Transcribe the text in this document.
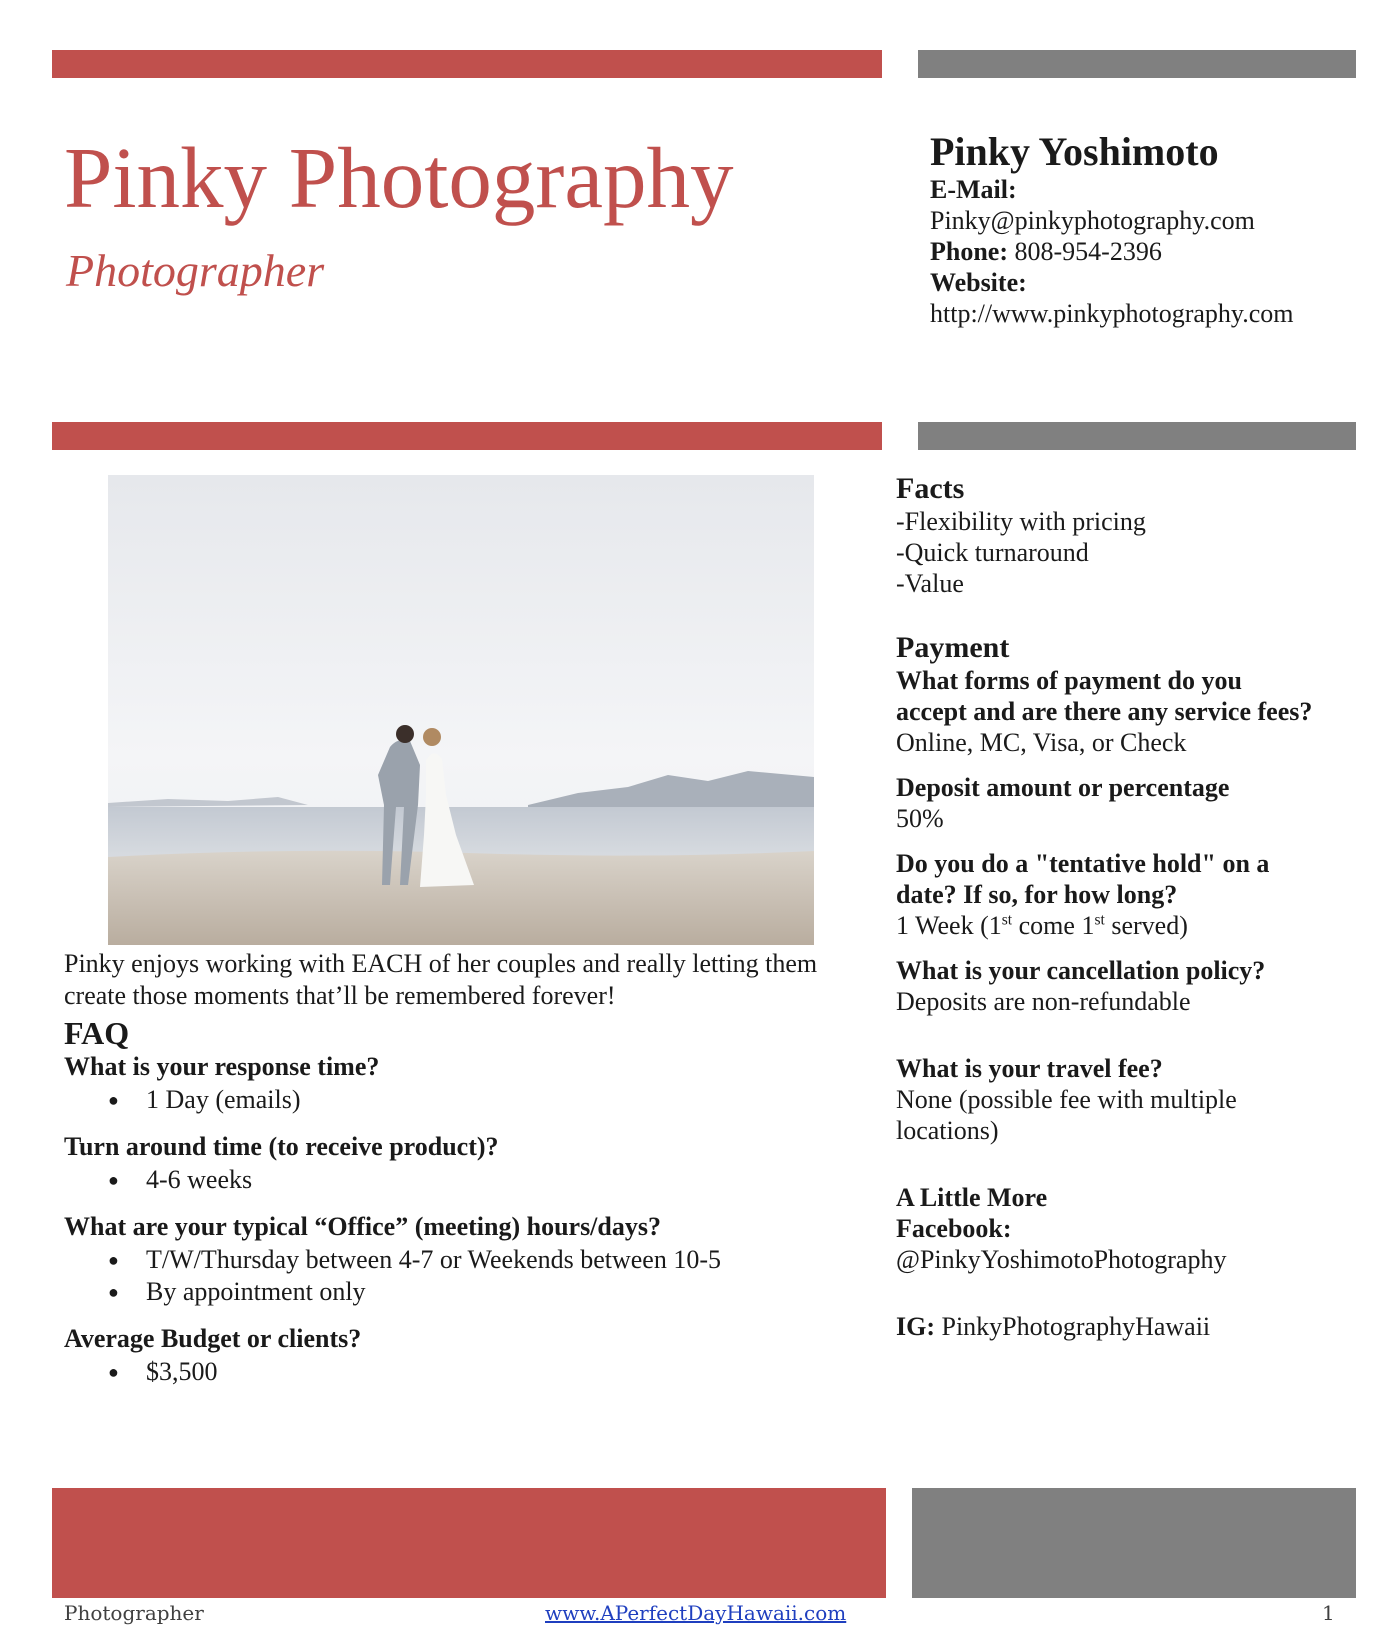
Pinky Photography
Photographer
Pinky Yoshimoto
E-Mail:
Pinky@pinkyphotography.com
Phone: 808-954-2396
Website:
http://www.pinkyphotography.com
Pinky enjoys working with EACH of her couples and really letting them create those moments that’ll be remembered forever!
FAQ
What is your response time?
● 1 Day (emails)
Turn around time (to receive product)?
● 4-6 weeks
What are your typical “Office” (meeting) hours/days?
● T/W/Thursday between 4-7 or Weekends between 10-5
● By appointment only
Average Budget or clients?
● $3,500
Facts
-Flexibility with pricing
-Quick turnaround
-Value
Payment
What forms of payment do you accept and are there any service fees?
Online, MC, Visa, or Check
Deposit amount or percentage
50%
Do you do a "tentative hold" on a date? If so, for how long?
1 Week (1st come 1st served)
What is your cancellation policy?
Deposits are non-refundable
What is your travel fee?
None (possible fee with multiple locations)
A Little More
Facebook:
@PinkyYoshimotoPhotography
IG: PinkyPhotographyHawaii
Photographer	www.APerfectDayHawaii.com	1
